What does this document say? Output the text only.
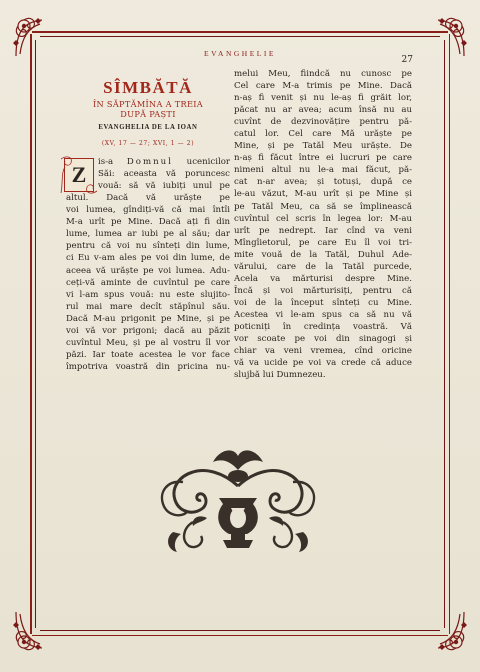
EVANGHELIE
27
SÎMBĂTĂ
ÎN SĂPTĂMÎNA A TREIA
DUPĂ PAȘTI
EVANGHELIA DE LA IOAN
(XV, 17 — 27; XVI, 1 — 2)
Z	is-a Domnul ucenicilor
Săi: aceasta vă poruncesc
vouă: să vă iubiți unul pe
altul. Dacă vă urăște pe
voi lumea, gîndiți-vă că mai întîi
M-a urît pe Mine. Dacă ați fi din
lume, lumea ar iubi pe al său; dar
pentru că voi nu sînteți din lume,
ci Eu v-am ales pe voi din lume, de
aceea vă urăște pe voi lumea. Adu-
ceți-vă aminte de cuvîntul pe care
vi l-am spus vouă: nu este slujito-
rul mai mare decît stăpînul său.
Dacă M-au prigonit pe Mine, și pe
voi vă vor prigoni; dacă au păzit
cuvîntul Meu, și pe al vostru îl vor
păzi. Iar toate acestea le vor face
împotriva voastră din pricina nu-
melui Meu, fiindcă nu cunosc pe
Cel care M-a trimis pe Mine. Dacă
n-aș fi venit și nu le-aș fi grăit lor,
păcat nu ar avea; acum însă nu au
cuvînt de dezvinovățire pentru pă-
catul lor. Cel care Mă urăște pe
Mine, și pe Tatăl Meu urăște. De
n-aș fi făcut între ei lucruri pe care
nimeni altul nu le-a mai făcut, pă-
cat n-ar avea; și totuși, după ce
le-au văzut, M-au urît și pe Mine și
pe Tatăl Meu, ca să se împlinească
cuvîntul cel scris în legea lor: M-au
urît pe nedrept. Iar cînd va veni
Mîngîietorul, pe care Eu îl voi tri-
mite vouă de la Tatăl, Duhul Ade-
vărului, care de la Tatăl purcede,
Acela va mărturisi despre Mine.
Încă și voi mărturisiți, pentru că
voi de la început sînteți cu Mine.
Acestea vi le-am spus ca să nu vă
poticniți în credința voastră. Vă
vor scoate pe voi din sinagogi și
chiar va veni vremea, cînd oricine
vă va ucide pe voi va crede că aduce
slujbă lui Dumnezeu.
